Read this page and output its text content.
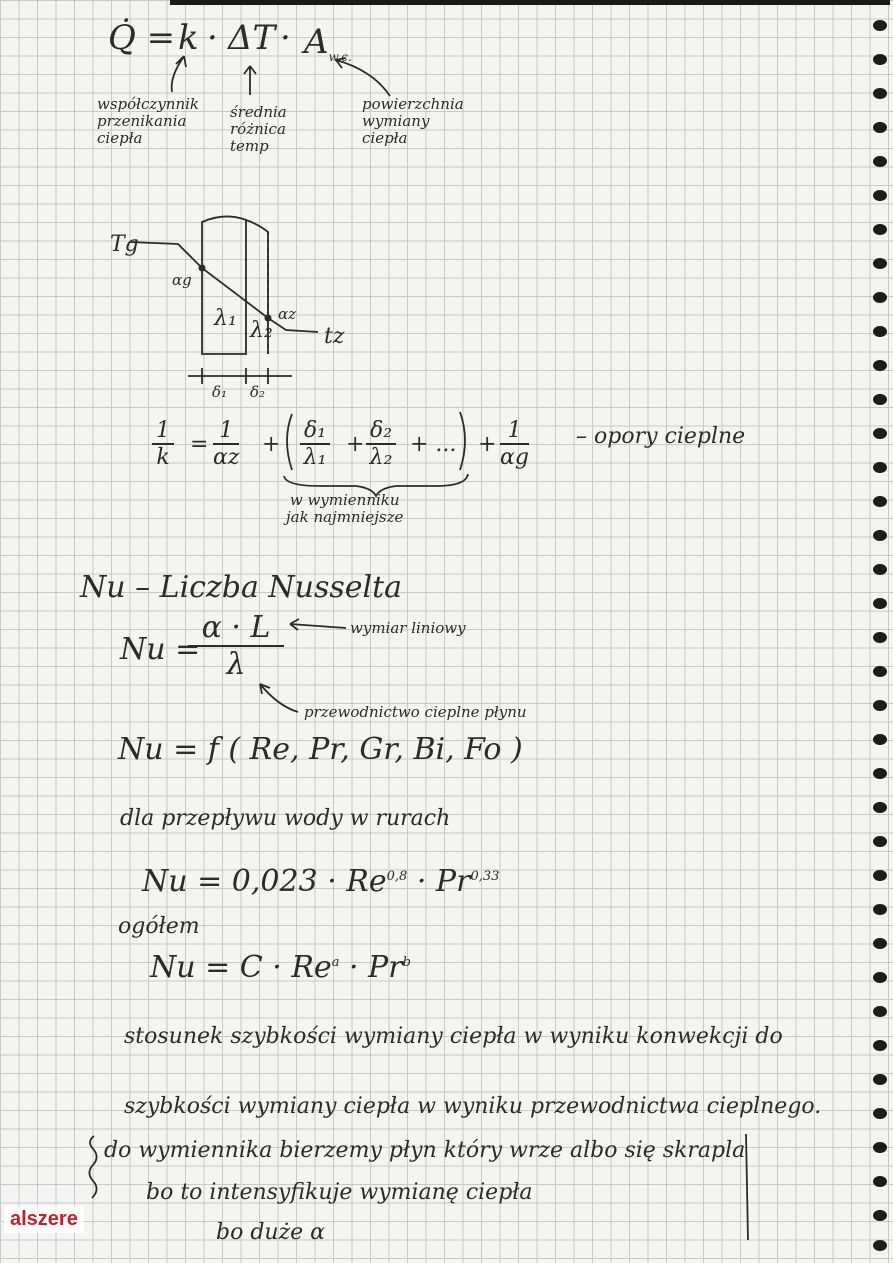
Q̇ = $k \cdot \Delta T \cdot A_{w.c.}$
współczynnik
przenikania
ciepła
średnia
różnica
temp
powierzchnia
wymiany
ciepła
Tg
αg
λ₁ λ₂
αz
tz
δ₁ δ₂
$\frac{1}{k} = \frac{1}{\alpha z} + \frac{\text{δ₁}}{\text{λ₁}} + \frac{\text{δ₂}}{\text{λ₂}}$ + ... + $\frac{1}{\alpha g}$ – opory cieplne
w wymienniku
jak najmniejsze
Nu – Liczba Nusselta
Nu =
$\frac{\alpha \cdot L}{\lambda}$	wymiar liniowy
przewodnictwo cieplne płynu
Nu = f ( Re, Pr, Gr, Bi, Fo )
dla przepływu wody w rurach
Nu = 0,023 · Re$^{0,8}$ · Pr$^{0,33}$
ogółem
$Nu = C \cdot Re^a \cdot Pr^b$
stosunek szybkości wymiany ciepła w wyniku konwekcji do
szybkości wymiany ciepła w wyniku przewodnictwa cieplnego.
do wymiennika bierzemy płyn który wrze albo się skrapla
bo to intensyfikuje wymianę ciepła
bo duże α
alszere
